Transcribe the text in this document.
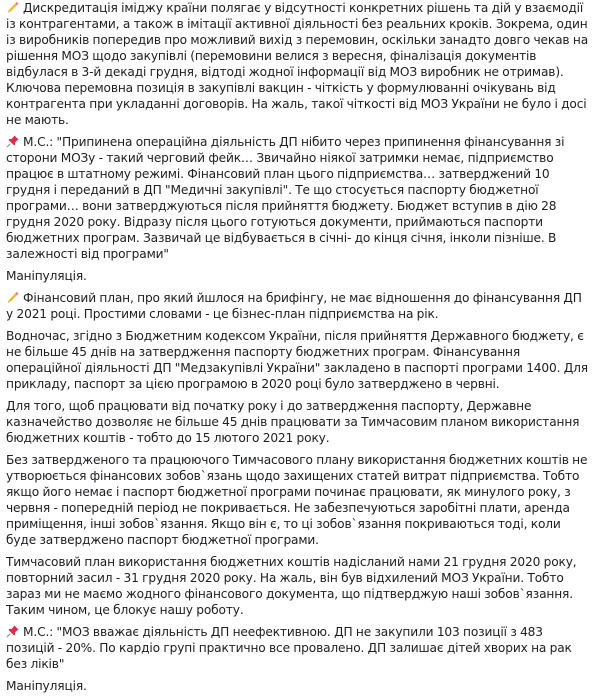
Дискредитація іміджу країни полягає у відсутності конкретних рішень та дій у взаємодії із контрагентами, а також в імітації активної діяльності без реальних кроків. Зокрема, один із виробників попередив про можливий вихід з перемовин, оскільки занадто довго чекав на рішення МОЗ щодо закупівлі (перемовини велися з вересня, фіналізація документів відбулася в 3-й декаді грудня, відтоді жодної інформації від МОЗ виробник не отримав). Ключова перемовна позиція в закупівлі вакцин - чіткість у формулюванні очікувань від контрагента при укладанні договорів. На жаль, такої чіткості від МОЗ України не було і досі не мають.

М.С.: "Припинена операційна діяльність ДП нібито через припинення фінансування зі сторони МОЗу - такий черговий фейк… Звичайно ніякої затримки немає, підприємство працює в штатному режимі. Фінансовий план цього підприємства… затверджений 10 грудня і переданий в ДП "Медичні закупівлі". Те що стосується паспорту бюджетної програми… вони затверджуються після прийняття бюджету. Бюджет вступив в дію 28 грудня 2020 року. Відразу після цього готуються документи, приймаються паспорти бюджетних програм. Зазвичай це відбувається в січні- до кінця січня, інколи пізніше. В залежності від програми"

Маніпуляція.

Фінансовий план, про який йшлося на брифінгу, не має відношення до фінансування ДП у 2021 році. Простими словами - це бізнес-план підприємства на рік.

Водночас, згідно з Бюджетним кодексом України, після прийняття Державного бюджету, є не більше 45 днів на затвердження паспорту бюджетних програм. Фінансування операційної діяльності ДП "Медзакупівлі України" закладено в паспорті програми 1400. Для прикладу, паспорт за цією програмою в 2020 році було затверджено в червні.

Для того, щоб працювати від початку року і до затвердження паспорту, Державне казначейство дозволяє не більше 45 днів працювати за Тимчасовим планом використання бюджетних коштів - тобто до 15 лютого 2021 року.

Без затвердженого та працюючого Тимчасового плану використання бюджетних коштів не утворюється фінансових зобов`язань щодо захищених статей витрат підприємства. Тобто якщо його немає і паспорт бюджетної програми починає працювати, як минулого року, з червня - попередній період не покривається. Не забезпечуються заробітні плати, аренда приміщення, інші зобов`язання. Якщо він є, то ці зобов`язання покриваються тоді, коли буде затверджено паспорт бюджетної програми.

Тимчасовий план використання бюджетних коштів надісланий нами 21 грудня 2020 року, повторний засил - 31 грудня 2020 року. На жаль, він був відхилений МОЗ України. Тобто зараз ми не маємо жодного фінансового документа, що підтверджую наші зобов`язання. Таким чином, це блокує нашу роботу.

М.С.: "МОЗ вважає діяльність ДП неефективною. ДП не закупили 103 позиції з 483 позицій - 20%. По кардіо групі практично все провалено. ДП залишає дітей хворих на рак без ліків"

Маніпуляція.
